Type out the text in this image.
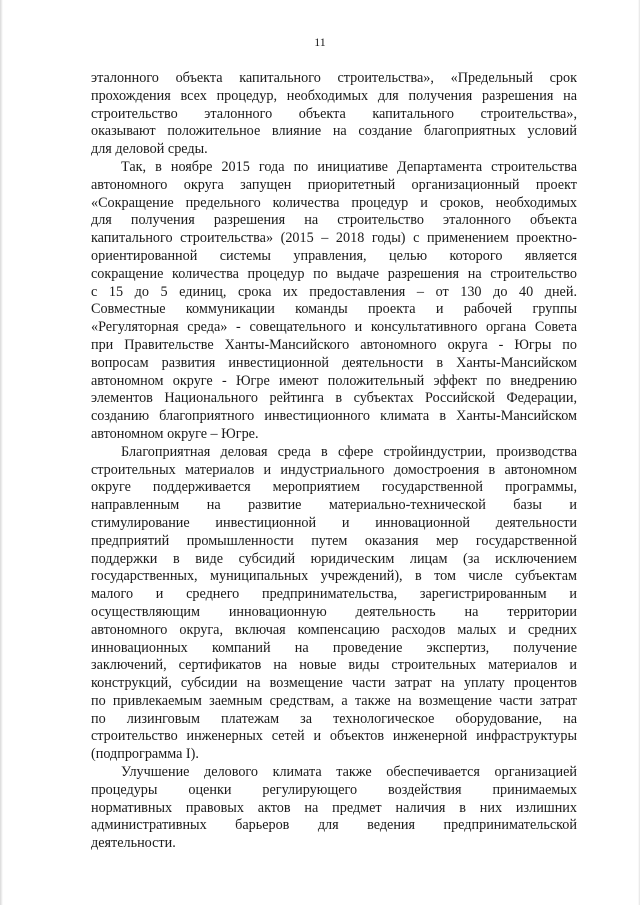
11
эталонного объекта капитального строительства», «Предельный срок
прохождения всех процедур, необходимых для получения разрешения на
строительство эталонного объекта капитального строительства»,
оказывают положительное влияние на создание благоприятных условий
для деловой среды.
Так, в ноябре 2015 года по инициативе Департамента строительства
автономного округа запущен приоритетный организационный проект
«Сокращение предельного количества процедур и сроков, необходимых
для получения разрешения на строительство эталонного объекта
капитального строительства» (2015 – 2018 годы) с применением проектно-
ориентированной системы управления, целью которого является
сокращение количества процедур по выдаче разрешения на строительство
с 15 до 5 единиц, срока их предоставления – от 130 до 40 дней.
Совместные коммуникации команды проекта и рабочей группы
«Регуляторная среда» - совещательного и консультативного органа Совета
при Правительстве Ханты-Мансийского автономного округа - Югры по
вопросам развития инвестиционной деятельности в Ханты-Мансийском
автономном округе - Югре имеют положительный эффект по внедрению
элементов Национального рейтинга в субъектах Российской Федерации,
созданию благоприятного инвестиционного климата в Ханты-Мансийском
автономном округе – Югре.
Благоприятная деловая среда в сфере стройиндустрии, производства
строительных материалов и индустриального домостроения в автономном
округе поддерживается мероприятием государственной программы,
направленным на развитие материально-технической базы и
стимулирование инвестиционной и инновационной деятельности
предприятий промышленности путем оказания мер государственной
поддержки в виде субсидий юридическим лицам (за исключением
государственных, муниципальных учреждений), в том числе субъектам
малого и среднего предпринимательства, зарегистрированным и
осуществляющим инновационную деятельность на территории
автономного округа, включая компенсацию расходов малых и средних
инновационных компаний на проведение экспертиз, получение
заключений, сертификатов на новые виды строительных материалов и
конструкций, субсидии на возмещение части затрат на уплату процентов
по привлекаемым заемным средствам, а также на возмещение части затрат
по лизинговым платежам за технологическое оборудование, на
строительство инженерных сетей и объектов инженерной инфраструктуры
(подпрограмма I).
Улучшение делового климата также обеспечивается организацией
процедуры оценки регулирующего воздействия принимаемых
нормативных правовых актов на предмет наличия в них излишних
административных барьеров для ведения предпринимательской
деятельности.
